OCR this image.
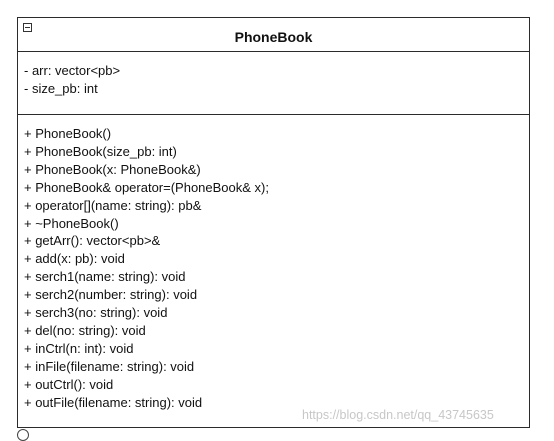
PhoneBook
- arr: vector<pb>
- size_pb: int
+ PhoneBook()
+ PhoneBook(size_pb: int)
+ PhoneBook(x: PhoneBook&)
+ PhoneBook& operator=(PhoneBook& x);
+ operator[](name: string): pb&
+ ~PhoneBook()
+ getArr(): vector<pb>&
+ add(x: pb): void
+ serch1(name: string): void
+ serch2(number: string): void
+ serch3(no: string): void
+ del(no: string): void
+ inCtrl(n: int): void
+ inFile(filename: string): void
+ outCtrl(): void
+ outFile(filename: string): void
https://blog.csdn.net/qq_43745635
